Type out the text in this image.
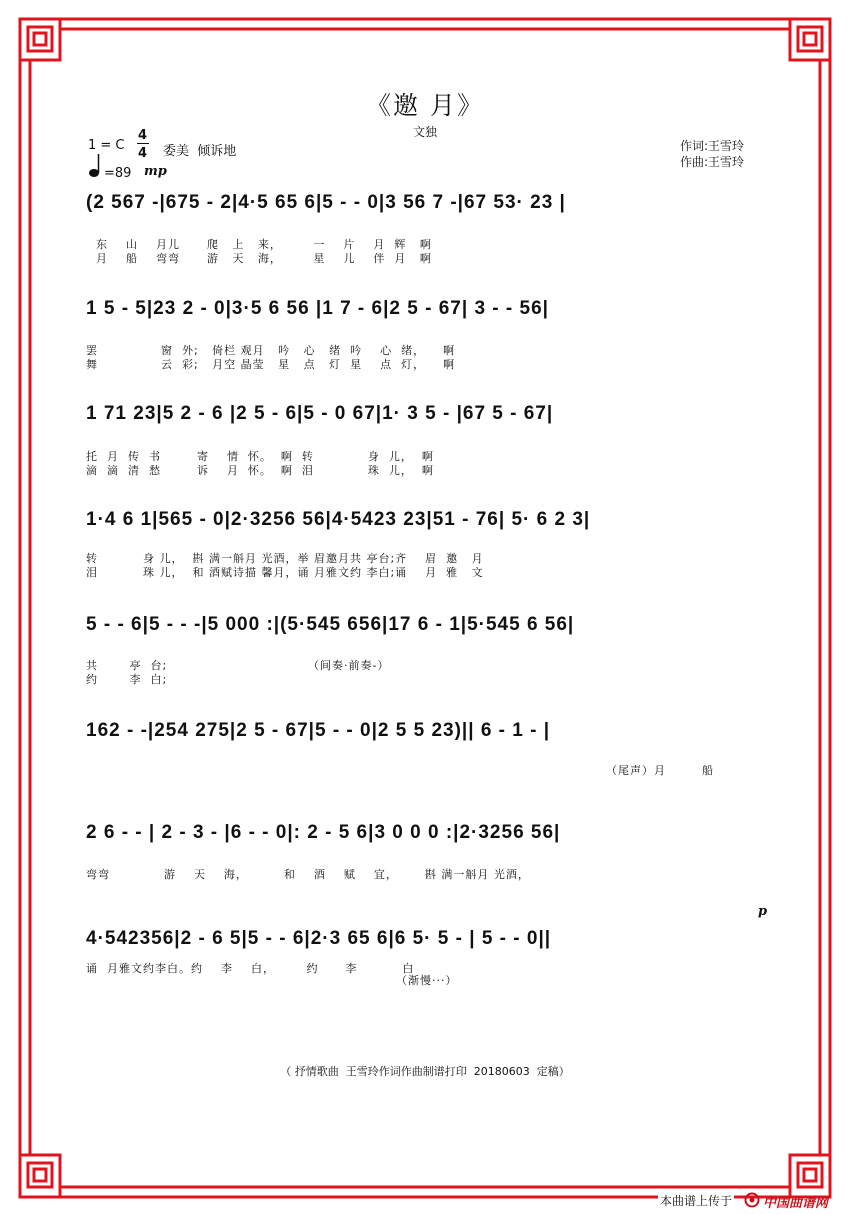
《邀 月》
文独
1 = C
4
4 委美  倾诉地
=89 mp
作词:王雪玲
作曲:王雪玲
(2 567 -|675 - 2|4·5 65 6|5 - - 0|3 56 7 -|67 53· 23 |
东    山    月儿      爬   上   来，       一    片    月  辉   啊
月    船    弯弯      游   天   海，       星    儿    伴  月   啊
1 5 - 5|23 2 - 0|3·5 6 56 |1 7 - 6|2 5 - 67| 3 - - 56|
罢              窗  外;   倚栏 观月   吟   心   绪  吟    心  绪，    啊
舞              云  彩;   月空 晶莹   星   点   灯  星    点  灯，    啊
1 71 23|5 2 - 6 |2 5 - 6|5 - 0 67|1· 3 5 - |67 5 - 67|
托  月  传  书        寄    情  怀。  啊  转            身  儿，  啊
滴  滴  清  愁        诉    月  怀。  啊  泪            珠  儿，  啊
1·4 6 1|565 - 0|2·3256 56|4·5423 23|51 - 76| 5· 6 2 3|
转          身 儿，  斟 满一斛月 光酒，举 眉邀月共 亭台;齐    眉  邀   月
泪          珠 儿，  和 酒赋诗描 馨月，诵 月雅文约 李白;诵    月  雅   文
5 - - 6|5 - - -|5 000 :|(5·545 656|17 6 - 1|5·545 6 56|
共       亭  台;
约       李  白;
（间奏·前奏-）
162 - -|254 275|2 5 - 67|5 - - 0|2 5 5 23)|| 6 - 1 - |
（尾声）月        船
2 6 - - | 2 - 3 - |6 - - 0|: 2 - 5 6|3 0 0 0 :|2·3256 56|
弯弯            游    天    海，        和    酒    赋    宜，      斟 满一斛月 光酒，
p
4·542356|2 - 6 5|5 - - 6|2·3 65 6|6 5· 5 - | 5 - - 0||
诵  月雅文约李白。约    李    白，       约      李          白
（渐慢···）
（ 抒情歌曲  王雪玲作词作曲制谱打印  20180603  定稿）
本曲谱上传于 中国曲谱网
